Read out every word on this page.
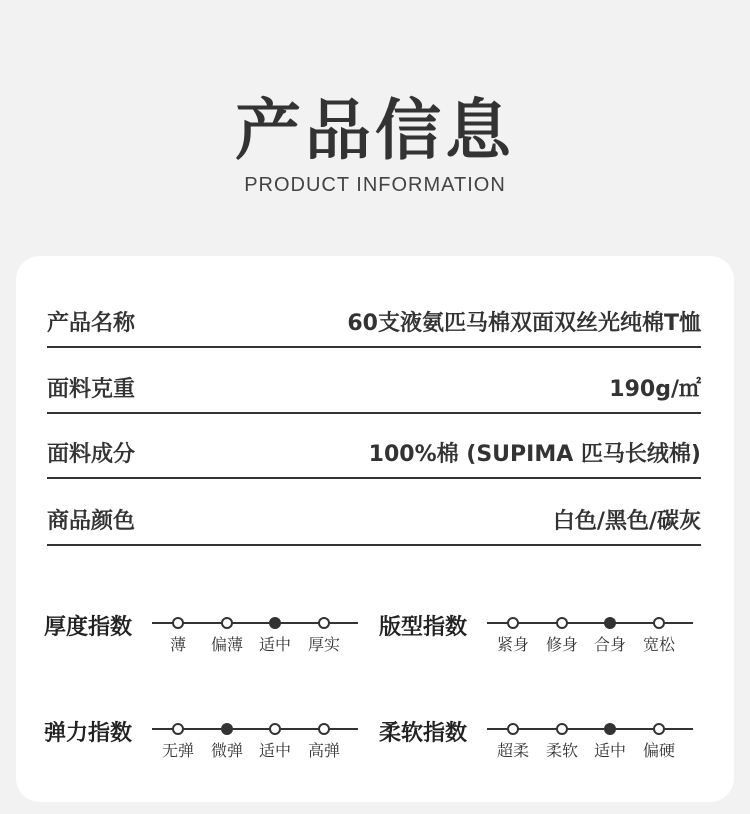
产品信息
PRODUCT INFORMATION
产品名称	60支液氨匹马棉双面双丝光纯棉T恤
面料克重	190g/㎡
面料成分	100%棉 (SUPIMA 匹马长绒棉)
商品颜色	白色/黑色/碳灰
厚度指数
薄	偏薄 适中	厚实
版型指数
紧身	修身 合身	宽松
弹力指数
无弹	微弹 适中	高弹
柔软指数
超柔	柔软 适中	偏硬
